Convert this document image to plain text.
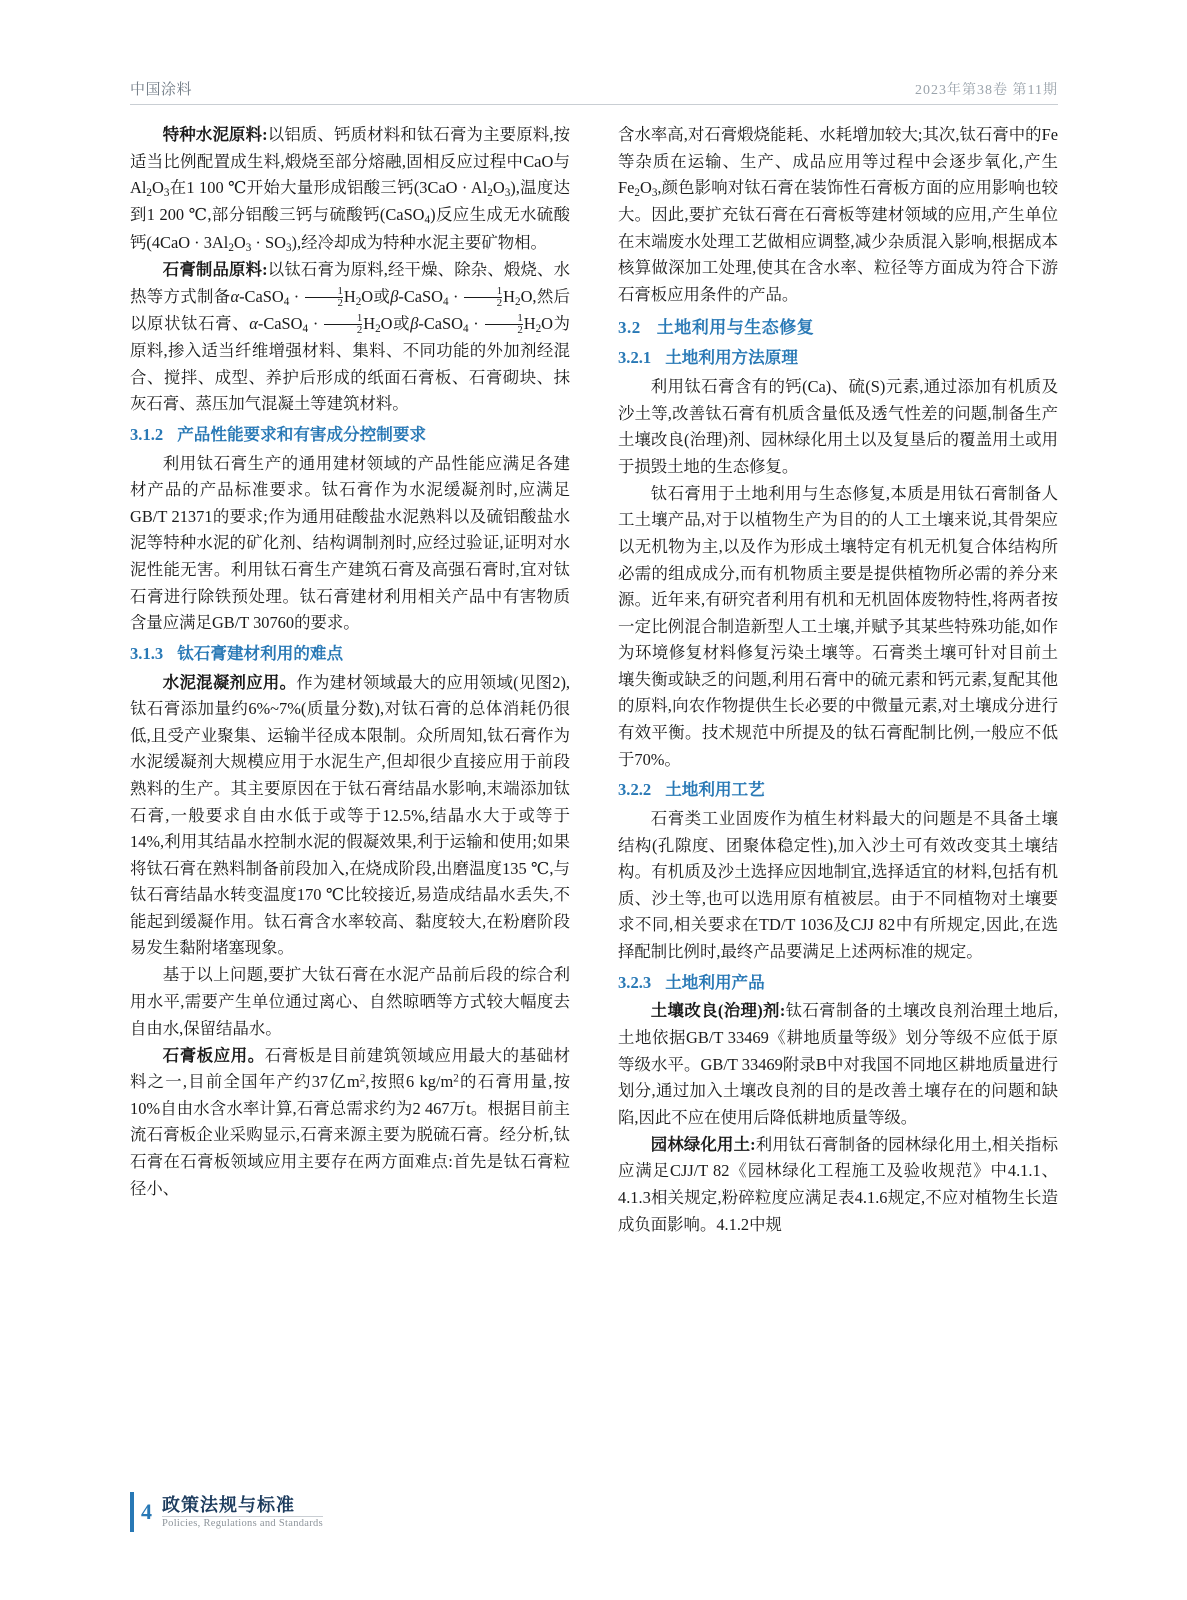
中国涂料	2023年第38卷 第11期

特种水泥原料:以铝质、钙质材料和钛石膏为主要原料,按适当比例配置成生料,煅烧至部分熔融,固相反应过程中CaO与$Al_2O_3$在1 100 ℃开始大量形成铝酸三钙$(3CaO \cdot Al_2O_3)$,温度达到1 200 ℃,部分铝酸三钙与硫酸钙(CaSO$_4$)反应生成无水硫酸钙$(4CaO \cdot 3Al_2O_3 \cdot SO_3)$,经冷却成为特种水泥主要矿物相。

石膏制品原料:以钛石膏为原料,经干燥、除杂、煅烧、水热等方式制备α-CaSO$_4$ · $\frac{1}{2} H_2O$或β-CaSO$_4$ · $\frac{1}{2} H_2O$,然后以原状钛石膏、α-CaSO$_4$ · $\frac{1}{2} H_2O$或β-CaSO$_4$ · $\frac{1}{2} H_2O$为原料,掺入适当纤维增强材料、集料、不同功能的外加剂经混合、搅拌、成型、养护后形成的纸面石膏板、石膏砌块、抹灰石膏、蒸压加气混凝土等建筑材料。

3.1.2 产品性能要求和有害成分控制要求

利用钛石膏生产的通用建材领域的产品性能应满足各建材产品的产品标准要求。钛石膏作为水泥缓凝剂时,应满足GB/T 21371的要求;作为通用硅酸盐水泥熟料以及硫铝酸盐水泥等特种水泥的矿化剂、结构调制剂时,应经过验证,证明对水泥性能无害。利用钛石膏生产建筑石膏及高强石膏时,宜对钛石膏进行除铁预处理。钛石膏建材利用相关产品中有害物质含量应满足GB/T 30760的要求。

3.1.3 钛石膏建材利用的难点

水泥混凝剂应用。作为建材领域最大的应用领域(见图2),钛石膏添加量约6%~7%(质量分数),对钛石膏的总体消耗仍很低,且受产业聚集、运输半径成本限制。众所周知,钛石膏作为水泥缓凝剂大规模应用于水泥生产,但却很少直接应用于前段熟料的生产。其主要原因在于钛石膏结晶水影响,末端添加钛石膏,一般要求自由水低于或等于12.5%,结晶水大于或等于14%,利用其结晶水控制水泥的假凝效果,利于运输和使用;如果将钛石膏在熟料制备前段加入,在烧成阶段,出磨温度135 ℃,与钛石膏结晶水转变温度170 ℃比较接近,易造成结晶水丢失,不能起到缓凝作用。钛石膏含水率较高、黏度较大,在粉磨阶段易发生黏附堵塞现象。

基于以上问题,要扩大钛石膏在水泥产品前后段的综合利用水平,需要产生单位通过离心、自然晾晒等方式较大幅度去自由水,保留结晶水。

石膏板应用。石膏板是目前建筑领域应用最大的基础材料之一,目前全国年产约37亿$m^2$,按照6 $kg/m^2$的石膏用量,按10%自由水含水率计算,石膏总需求约为2 467万t。根据目前主流石膏板企业采购显示,石膏来源主要为脱硫石膏。经分析,钛石膏在石膏板领域应用主要存在两方面难点:首先是钛石膏粒径小、

含水率高,对石膏煅烧能耗、水耗增加较大;其次,钛石膏中的Fe等杂质在运输、生产、成品应用等过程中会逐步氧化,产生$Fe_2O_3$,颜色影响对钛石膏在装饰性石膏板方面的应用影响也较大。因此,要扩充钛石膏在石膏板等建材领域的应用,产生单位在末端废水处理工艺做相应调整,减少杂质混入影响,根据成本核算做深加工处理,使其在含水率、粒径等方面成为符合下游石膏板应用条件的产品。

3.2 土地利用与生态修复
3.2.1 土地利用方法原理

利用钛石膏含有的钙(Ca)、硫(S)元素,通过添加有机质及沙土等,改善钛石膏有机质含量低及透气性差的问题,制备生产土壤改良(治理)剂、园林绿化用土以及复垦后的覆盖用土或用于损毁土地的生态修复。

钛石膏用于土地利用与生态修复,本质是用钛石膏制备人工土壤产品,对于以植物生产为目的的人工土壤来说,其骨架应以无机物为主,以及作为形成土壤特定有机无机复合体结构所必需的组成成分,而有机物质主要是提供植物所必需的养分来源。近年来,有研究者利用有机和无机固体废物特性,将两者按一定比例混合制造新型人工土壤,并赋予其某些特殊功能,如作为环境修复材料修复污染土壤等。石膏类土壤可针对目前土壤失衡或缺乏的问题,利用石膏中的硫元素和钙元素,复配其他的原料,向农作物提供生长必要的中微量元素,对土壤成分进行有效平衡。技术规范中所提及的钛石膏配制比例,一般应不低于70%。

3.2.2 土地利用工艺

石膏类工业固废作为植生材料最大的问题是不具备土壤结构(孔隙度、团聚体稳定性),加入沙土可有效改变其土壤结构。有机质及沙土选择应因地制宜,选择适宜的材料,包括有机质、沙土等,也可以选用原有植被层。由于不同植物对土壤要求不同,相关要求在TD/T 1036及CJJ 82中有所规定,因此,在选择配制比例时,最终产品要满足上述两标准的规定。

3.2.3 土地利用产品

土壤改良(治理)剂:钛石膏制备的土壤改良剂治理土地后,土地依据GB/T 33469《耕地质量等级》划分等级不应低于原等级水平。GB/T 33469附录B中对我国不同地区耕地质量进行划分,通过加入土壤改良剂的目的是改善土壤存在的问题和缺陷,因此不应在使用后降低耕地质量等级。

园林绿化用土:利用钛石膏制备的园林绿化用土,相关指标应满足CJJ/T 82《园林绿化工程施工及验收规范》中4.1.1、4.1.3相关规定,粉碎粒度应满足表4.1.6规定,不应对植物生长造成负面影响。4.1.2中规

4 政策法规与标准
Policies, Regulations and Standards
